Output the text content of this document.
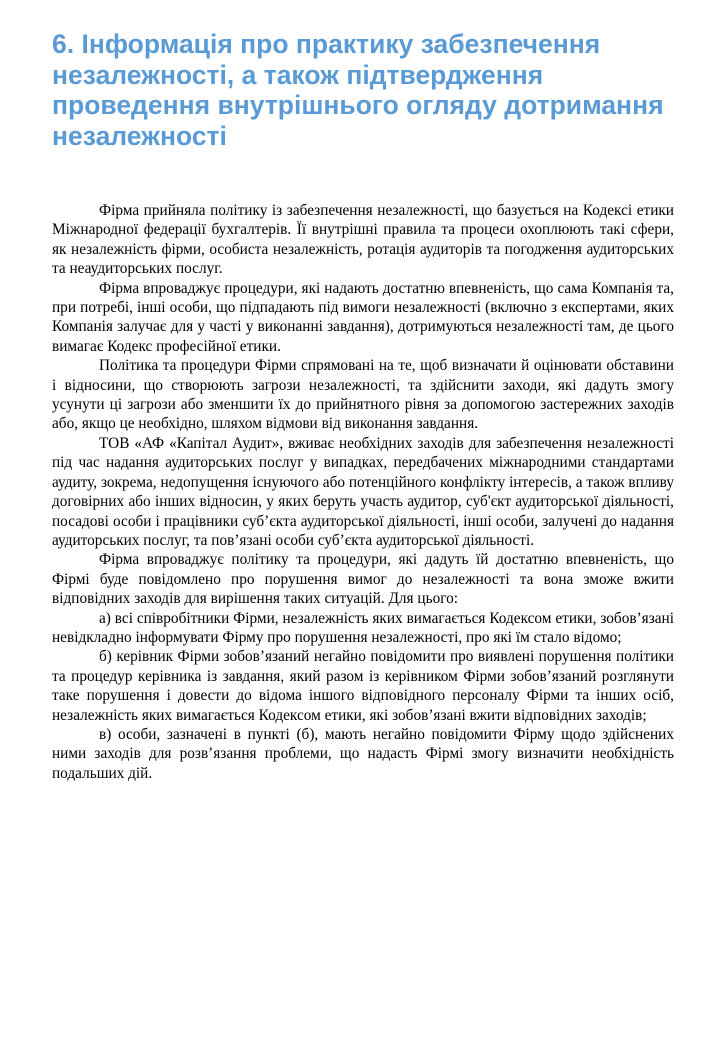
6. Інформація про практику забезпечення
незалежності, а також підтвердження
проведення внутрішнього огляду дотримання
незалежності

Фірма прийняла політику із забезпечення незалежності, що базується на Кодексі етики Міжнародної федерації бухгалтерів. Її внутрішні правила та процеси охоплюють такі сфери, як незалежність фірми, особиста незалежність, ротація аудиторів та погодження аудиторських та неаудиторських послуг.

Фірма впроваджує процедури, які надають достатню впевненість, що сама Компанія та, при потребі, інші особи, що підпадають під вимоги незалежності (включно з експертами, яких Компанія залучає для у часті у виконанні завдання), дотримуються незалежності там, де цього вимагає Кодекс професійної етики.

Політика та процедури Фірми спрямовані на те, щоб визначати й оцінювати обставини і відносини, що створюють загрози незалежності, та здійснити заходи, які дадуть змогу усунути ці загрози або зменшити їх до прийнятного рівня за допомогою застережних заходів або, якщо це необхідно, шляхом відмови від виконання завдання.

ТОВ «АФ «Капітал Аудит», вживає необхідних заходів для забезпечення незалежності під час надання аудиторських послуг у випадках, передбачених міжнародними стандартами аудиту, зокрема, недопущення існуючого або потенційного конфлікту інтересів, а також впливу договірних або інших відносин, у яких беруть участь аудитор, суб'єкт аудиторської діяльності, посадові особи і працівники суб’єкта аудиторської діяльності, інші особи, залучені до надання аудиторських послуг, та пов’язані особи суб’єкта аудиторської діяльності.

Фірма впроваджує політику та процедури, які дадуть їй достатню впевненість, що Фірмі буде повідомлено про порушення вимог до незалежності та вона зможе вжити відповідних заходів для вирішення таких ситуацій. Для цього:

а) всі співробітники Фірми, незалежність яких вимагається Кодексом етики, зобов’язані невідкладно інформувати Фірму про порушення незалежності, про які їм стало відомо;

б) керівник Фірми зобов’язаний негайно повідомити про виявлені порушення політики та процедур керівника із завдання, який разом із керівником Фірми зобов’язаний розглянути таке порушення і довести до відома іншого відповідного персоналу Фірми та інших осіб, незалежність яких вимагається Кодексом етики, які зобов’язані вжити відповідних заходів;

в) особи, зазначені в пункті (б), мають негайно повідомити Фірму щодо здійснених ними заходів для розв’язання проблеми, що надасть Фірмі змогу визначити необхідність подальших дій.
